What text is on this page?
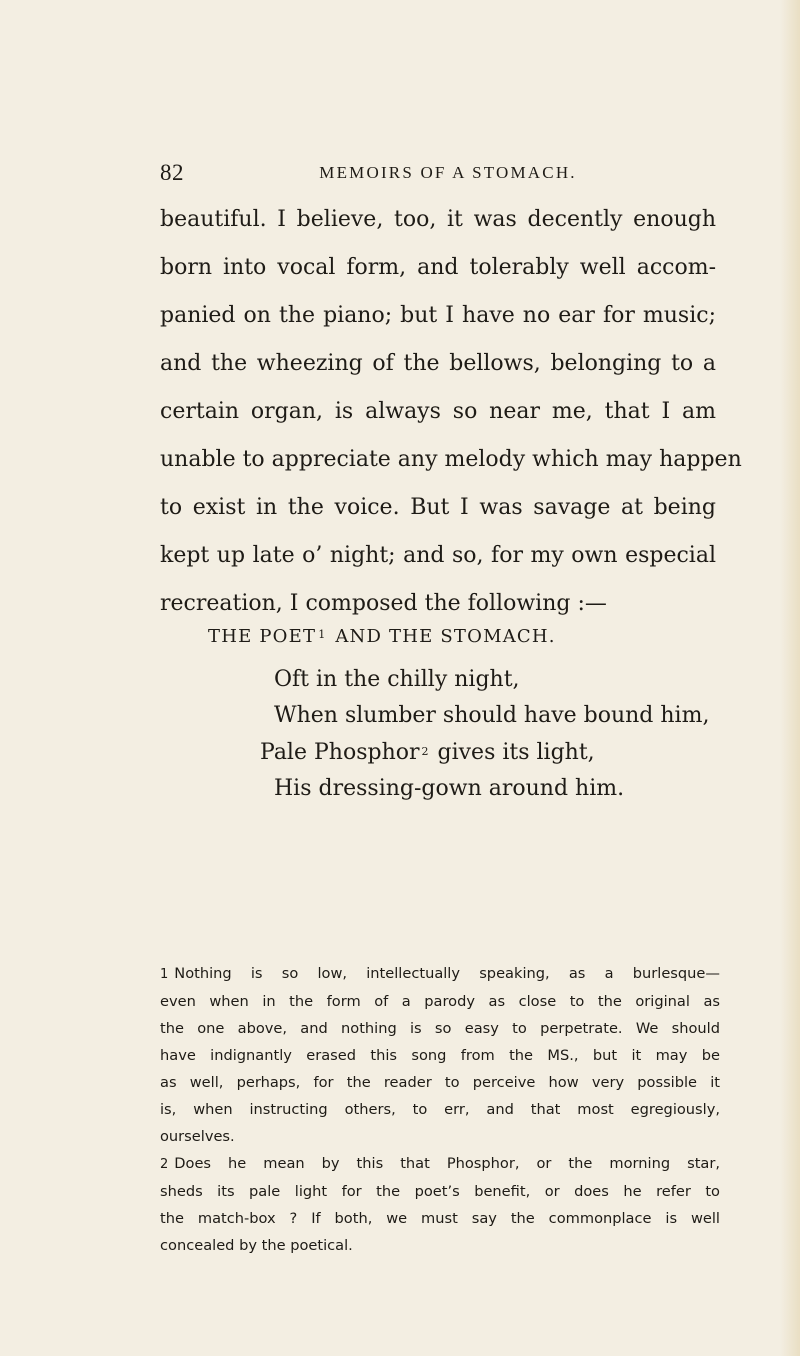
82	MEMOIRS OF A STOMACH.
beautiful. I believe, too, it was decently enough
born into vocal form, and tolerably well accom-
panied on the piano; but I have no ear for music;
and the wheezing of the bellows, belonging to a
certain organ, is always so near me, that I am
unable to appreciate any melody which may happen
to exist in the voice. But I was savage at being
kept up late o’ night; and so, for my own especial
recreation, I composed the following :—
THE POET $^1$ AND THE STOMACH.
Oft in the chilly night,
When slumber should have bound him,
Pale Phosphor $^2$ gives its light,
His dressing-gown around him.
1 Nothing is so low, intellectually speaking, as a burlesque—
even when in the form of a parody as close to the original as
the one above, and nothing is so easy to perpetrate. We should
have indignantly erased this song from the MS., but it may be
as well, perhaps, for the reader to perceive how very possible it
is, when instructing others, to err, and that most egregiously,
ourselves.
2 Does he mean by this that Phosphor, or the morning star,
sheds its pale light for the poet’s benefit, or does he refer to
the match-box ? If both, we must say the commonplace is well
concealed by the poetical.
